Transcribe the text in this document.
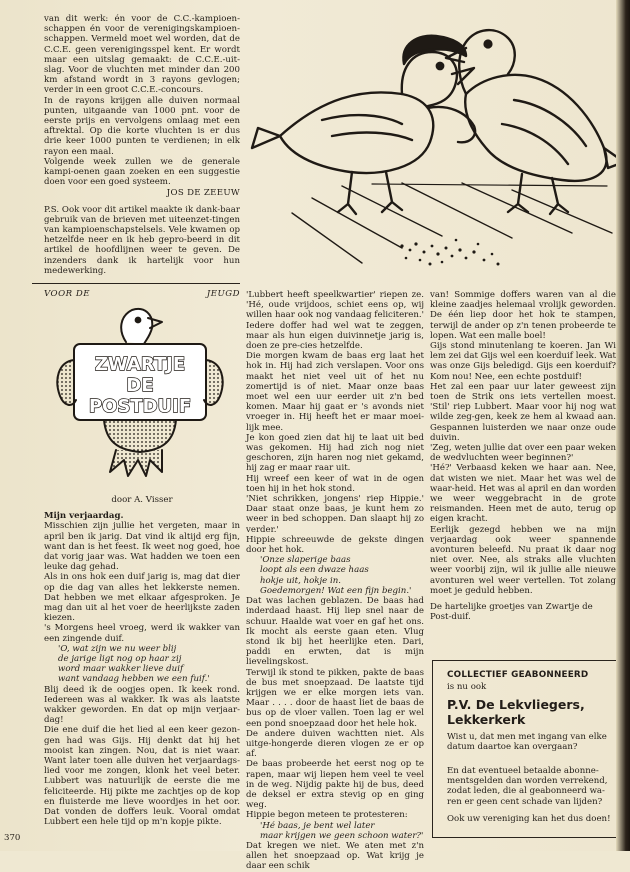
van dit werk: én voor de C.C.-kampioen-schappen én voor de verenigingskampioen-schappen. Vermeld moet wel worden, dat de C.C.E. geen verenigingsspel kent. Er wordt maar een uitslag gemaakt: de C.C.E.-uit-slag. Voor de vluchten met minder dan 200 km afstand wordt in 3 rayons gevlogen; verder in een groot C.C.E.-concours.

In de rayons krijgen alle duiven normaal punten, uitgaande van 1000 pnt. voor de eerste prijs en vervolgens omlaag met een aftrektal. Op die korte vluchten is er dus drie keer 1000 punten te verdienen; in elk rayon een maal.

Volgende week zullen we de generale kampi-oenen gaan zoeken en een suggestie doen voor een goed systeem.

JOS DE ZEEUW

P.S. Ook voor dit artikel maakte ik dank-baar gebruik van de brieven met uiteenzet-tingen van kampioenschapstelsels. Vele kwamen op hetzelfde neer en ik heb gepro-beerd in dit artikel de hoofdlijnen weer te geven. De inzenders dank ik hartelijk voor hun medewerking.

VOOR DE	JEUGD
ZWARTJE
DE
POSTDUIF

door A. Visser

Mijn verjaardag.

Misschien zijn jullie het vergeten, maar in april ben ik jarig. Dat vind ik altijd erg fijn, want dan is het feest. Ik weet nog goed, hoe dat vorig jaar was. Wat hadden we toen een leuke dag gehad.

Als in ons hok een duif jarig is, mag dat dier op die dag van alles het lekkerste nemen. Dat hebben we met elkaar afgesproken. Je mag dan uit al het voer de heerlijkste zaden kiezen.

's Morgens heel vroeg, werd ik wakker van een zingende duif.

'O, wat zijn we nu weer blij

de jarige ligt nog op haar zij

word maar wakker lieve duif

want vandaag hebben we een fuif.'

Blij deed ik de oogjes open. Ik keek rond. Iedereen was al wakker. Ik was als laatste wakker geworden. En dat op mijn verjaar-dag!

Die ene duif die het lied al een keer gezon-gen had was Gijs. Hij denkt dat hij het mooist kan zingen. Nou, dat is niet waar. Want later toen alle duiven het verjaardags-lied voor me zongen, klonk het veel beter. Lubbert was natuurlijk de eerste die me feliciteerde. Hij pikte me zachtjes op de kop en fluisterde me lieve woordjes in het oor. Dat vonden de doffers leuk. Vooral omdat Lubbert een hele tijd op m'n kopje pikte.

'Lubbert heeft speelkwartier' riepen ze. 'Hé, oude vrijdoos, schiet eens op, wij willen haar ook nog vandaag feliciteren.'

Iedere doffer had wel wat te zeggen, maar als hun eigen duivinnetje jarig is, doen ze pre-cies hetzelfde.

Die morgen kwam de baas erg laat het hok in. Hij had zich verslapen. Voor ons maakt het niet veel uit of het nu zomertijd is of niet. Maar onze baas moet wel een uur eerder uit z'n bed komen. Maar hij gaat er 's avonds niet vroeger in. Hij heeft het er maar moei-lijk mee.

Je kon goed zien dat hij te laat uit bed was gekomen. Hij had zich nog niet geschoren, zijn haren nog niet gekamd, hij zag er maar raar uit.

Hij wreef een keer of wat in de ogen toen hij in het hok stond.

'Niet schrikken, jongens' riep Hippie.' Daar staat onze baas, je kunt hem zo weer in bed schoppen. Dan slaapt hij zo verder.'

Hippie schreeuwde de gekste dingen door het hok.

'Onze slaperige baas

loopt als een dwaze haas

hokje uit, hokje in.

Goedemorgen! Wat een fijn begin.'

Dat was lachen geblazen. De baas had inderdaad haast. Hij liep snel naar de schuur. Haalde wat voer en gaf het ons. Ik mocht als eerste gaan eten. Vlug stond ik bij het heerlijke eten. Dari, paddi en erwten, dat is mijn lievelingskost.

Terwijl ik stond te pikken, pakte de baas de bus met snoepzaad. De laatste tijd krijgen we er elke morgen iets van. Maar . . . . door de haast liet de baas de bus op de vloer vallen. Toen lag er wel een pond snoepzaad door het hele hok.

De andere duiven wachtten niet. Als uitge-hongerde dieren vlogen ze er op af.

De baas probeerde het eerst nog op te rapen, maar wij liepen hem veel te veel in de weg. Nijdig pakte hij de bus, deed de deksel er extra stevig op en ging weg.

Hippie begon meteen te protesteren:

'Hé baas, je bent wel later

maar krijgen we geen schoon water?'

Dat kregen we niet. We aten met z'n allen het snoepzaad op. Wat krijg je daar een schik

van! Sommige doffers waren van al die kleine zaadjes helemaal vrolijk geworden. De één liep door het hok te stampen, terwijl de ander op z'n tenen probeerde te lopen. Wat een malle boel!

Gijs stond minutenlang te koeren. Jan Wi lem zei dat Gijs wel een koerduif leek. Wat was onze Gijs beledigd. Gijs een koerduif? Kom nou! Nee, een echte postduif!

Het zal een paar uur later geweest zijn toen de Strik ons iets vertellen moest. 'Stil' riep Lubbert. Maar voor hij nog wat wilde zeg-gen, keek ze hem al kwaad aan. Gespannen luisterden we naar onze oude duivin.

'Zeg, weten jullie dat over een paar weken de wedvluchten weer beginnen?'

'Hé?' Verbaasd keken we haar aan. Nee, dat wisten we niet. Maar het was wel de waar-heid. Het was al april en dan worden we weer weggebracht in de grote reismanden. Heen met de auto, terug op eigen kracht.

Eerlijk gezegd hebben we na mijn verjaardag ook weer spannende avonturen beleefd. Nu praat ik daar nog niet over. Nee, als straks alle vluchten weer voorbij zijn, wil ik jullie alle nieuwe avonturen wel weer vertellen. Tot zolang moet je geduld hebben.

De hartelijke groetjes van Zwartje de Post-duif.

COLLECTIEF GEABONNEERD
is nu ook
P.V. De Lekvliegers,
Lekkerkerk
Wist u, dat men met ingang van elke datum daartoe kan overgaan?
En dat eventueel betaalde abonne-mentsgelden dan worden verrekend, zodat leden, die al geabonneerd wa-ren er geen cent schade van lijden?
Ook uw vereniging kan het dus doen!
370
